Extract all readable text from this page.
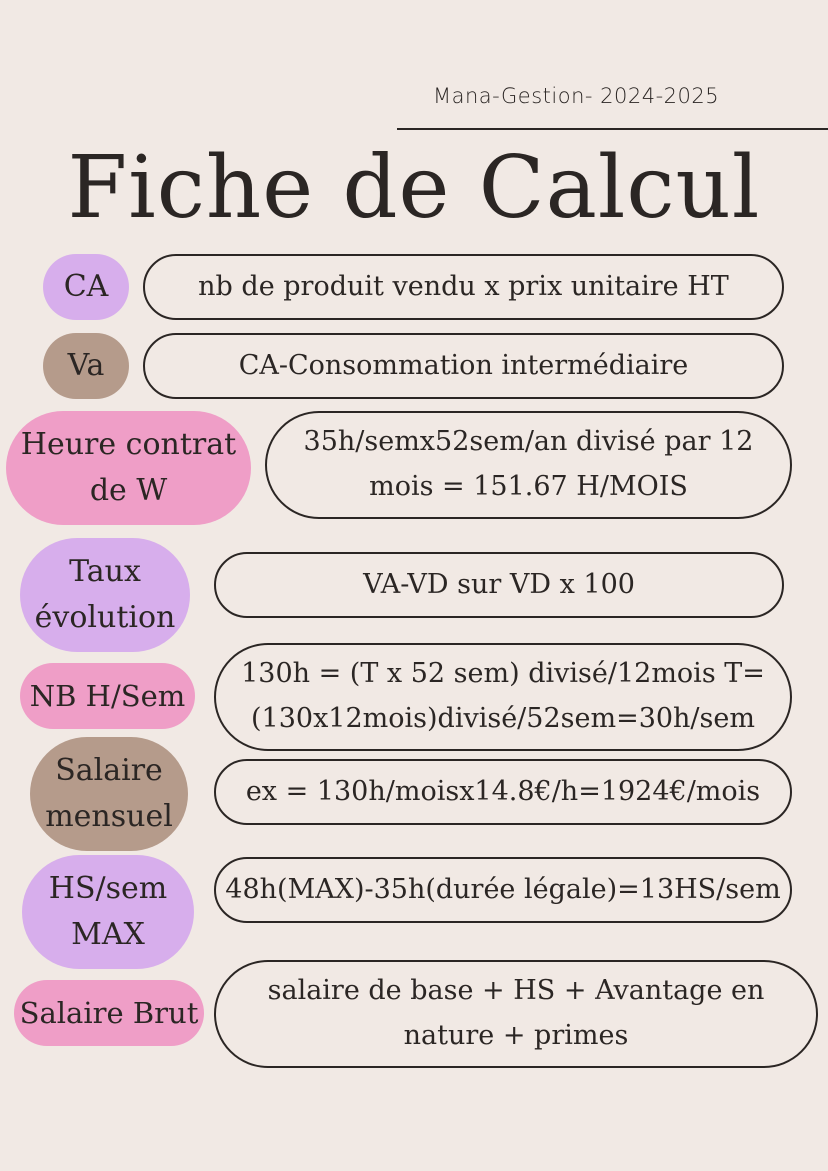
Mana-Gestion- 2024-2025
Fiche de Calcul
CA	nb de produit vendu x prix unitaire HT
Va	CA-Consommation intermédiaire
Heure contrat de W
35h/semx52sem/an divisé par 12 mois = 151.67 H/MOIS
Taux évolution
VA-VD sur VD x 100
NB H/Sem
130h = (T x 52 sem) divisé/12mois T=(130x12mois)divisé/52sem=30h/sem
Salaire mensuel
ex = 130h/moisx14.8€/h=1924€/mois
HS/sem MAX
48h(MAX)-35h(durée légale)=13HS/sem
Salaire Brut
salaire de base + HS + Avantage en nature + primes
